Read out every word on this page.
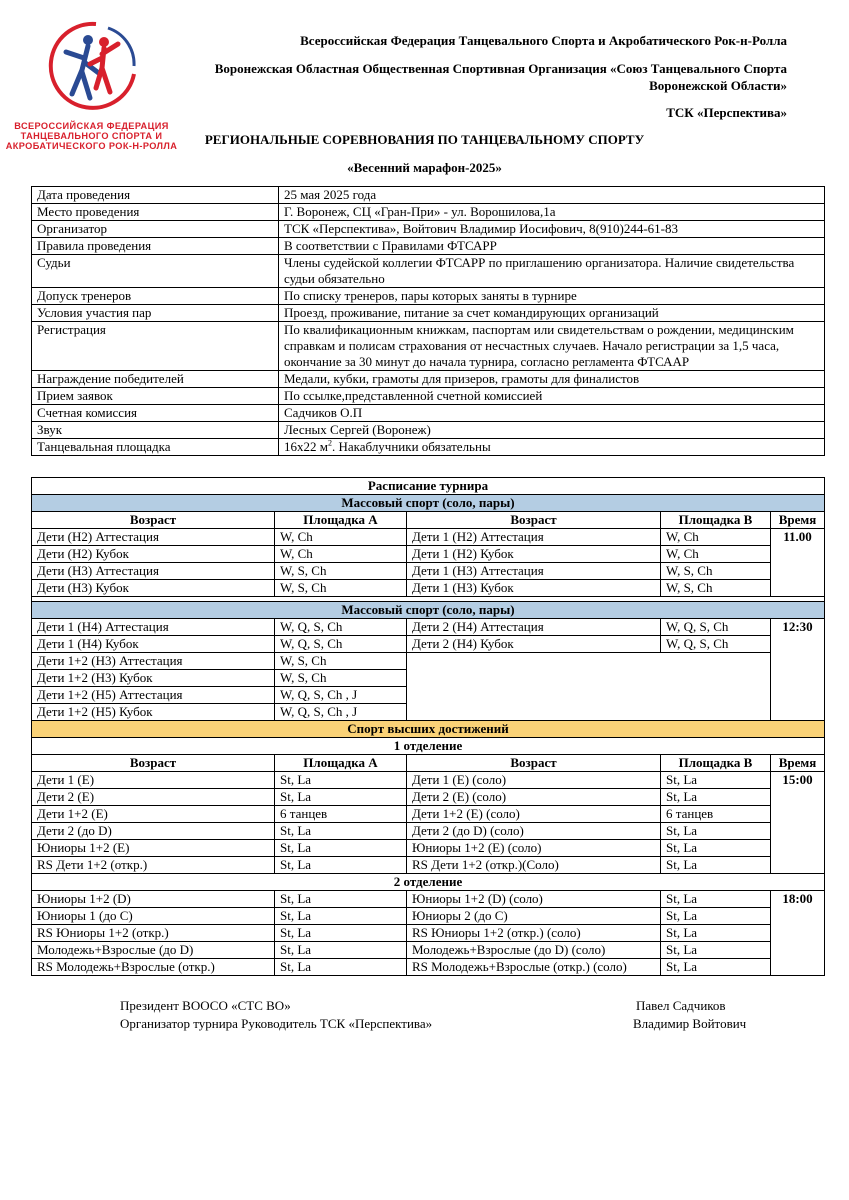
ВСЕРОССИЙСКАЯ ФЕДЕРАЦИЯ
ТАНЦЕВАЛЬНОГО СПОРТА И
АКРОБАТИЧЕСКОГО РОК-Н-РОЛЛА
Всероссийская Федерация Танцевального Спорта и Акробатического Рок-н-Ролла
Воронежская Областная Общественная Спортивная Организация «Союз Танцевального Спорта
Воронежской Области»
ТСК «Перспектива»
РЕГИОНАЛЬНЫЕ СОРЕВНОВАНИЯ ПО ТАНЦЕВАЛЬНОМУ СПОРТУ
«Весенний марафон-2025»
Дата проведения	25 мая 2025 года
Место проведения	Г. Воронеж, СЦ «Гран-При» - ул. Ворошилова,1а
Организатор	ТСК «Перспектива», Войтович Владимир Иосифович, 8(910)244-61-83
Правила проведения	В соответствии с Правилами ФТСАРР
Судьи	Члены судейской коллегии ФТСАРР по приглашению организатора. Наличие свидетельства судьи обязательно
Допуск тренеров	По списку тренеров, пары которых заняты в турнире
Условия участия пар	Проезд, проживание, питание за счет командирующих организаций
Регистрация	По квалификационным книжкам, паспортам или свидетельствам о рождении, медицинским справкам и полисам страхования от несчастных случаев. Начало регистрации за 1,5 часа, окончание за 30 минут до начала турнира, согласно регламента ФТСААР
Награждение победителей	Медали, кубки, грамоты для призеров, грамоты для финалистов
Прием заявок	По ссылке,представленной счетной комиссией
Счетная комиссия	Садчиков О.П
Звук	Лесных Сергей (Воронеж)
Танцевальная площадка	16х22 $м^2$. Накаблучники обязательны
Расписание турнира				
Массовый спорт (соло, пары)				
Возраст	Площадка А	Возраст	Площадка В	Время
Дети (Н2) Аттестация	W, Ch	Дети 1 (Н2) Аттестация	W, Ch	11.00
Дети (Н2) Кубок	W, Ch	Дети 1 (Н2) Кубок	W, Ch	
Дети (Н3) Аттестация	W, S, Ch	Дети 1 (Н3) Аттестация	W, S, Ch	
Дети (Н3) Кубок	W, S, Ch	Дети 1 (Н3) Кубок	W, S, Ch	

Массовый спорт (соло, пары)				
Дети 1 (Н4) Аттестация	W, Q, S, Ch	Дети 2 (Н4) Аттестация	W, Q, S, Ch	12:30
Дети 1 (Н4) Кубок	W, Q, S, Ch	Дети 2 (Н4) Кубок	W, Q, S, Ch	
Дети 1+2 (Н3) Аттестация	W, S, Ch			
Дети 1+2 (Н3) Кубок	W, S, Ch			
Дети 1+2 (Н5) Аттестация	W, Q, S, Ch , J			
Дети 1+2 (Н5) Кубок	W, Q, S, Ch , J			
Спорт высших достижений				
1 отделение				
Возраст	Площадка А	Возраст	Площадка В	Время
Дети 1 (Е)	St, La	Дети 1 (Е) (соло)	St, La	15:00
Дети 2 (Е)	St, La	Дети 2 (Е) (соло)	St, La	
Дети 1+2 (Е)	6 танцев	Дети 1+2 (Е) (соло)	6 танцев	
Дети 2 (до D)	St, La	Дети 2 (до D) (соло)	St, La	
Юниоры 1+2 (Е)	St, La	Юниоры 1+2 (Е) (соло)	St, La	
RS Дети 1+2 (откр.)	St, La	RS Дети 1+2 (откр.)(Соло)	St, La	
2 отделение				
Юниоры 1+2 (D)	St, La	Юниоры 1+2 (D) (соло)	St, La	18:00
Юниоры 1 (до С)	St, La	Юниоры 2 (до С)	St, La	
RS Юниоры 1+2 (откр.)	St, La	RS Юниоры 1+2 (откр.) (соло)	St, La	
Молодежь+Взрослые (до D)	St, La	Молодежь+Взрослые (до D) (соло)	St, La	
RS Молодежь+Взрослые (откр.)	St, La	RS Молодежь+Взрослые (откр.) (соло)	St, La	
Президент ВООСО «СТС ВО»	Павел Садчиков
Организатор турнира Руководитель ТСК «Перспектива»	Владимир Войтович
